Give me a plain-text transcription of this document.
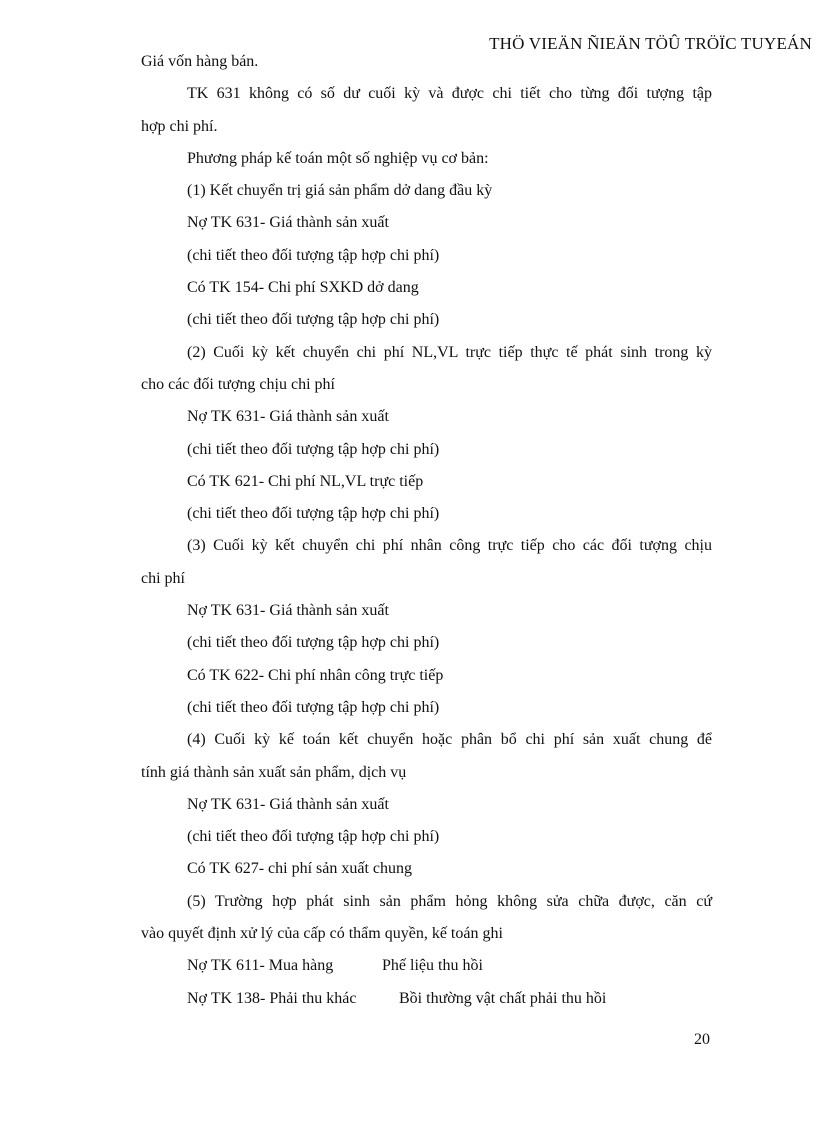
THÖ VIEÄN ÑIEÄN TÖÛ TRÖÏC TUYEÁN
Giá vốn hàng bán.
TK 631 không có số dư cuối kỳ và được chi tiết cho từng đối tượng tập
hợp chi phí.
Phương pháp kế toán một số nghiệp vụ cơ bản:
(1) Kết chuyển trị giá sản phẩm dở dang đầu kỳ
Nợ TK 631- Giá thành sản xuất
(chi tiết theo đối tượng tập hợp chi phí)
Có TK 154- Chi phí SXKD dở dang
(chi tiết theo đối tượng tập hợp chi phí)
(2) Cuối kỳ kết chuyển chi phí NL,VL trực tiếp thực tế phát sinh trong kỳ
cho các đối tượng chịu chi phí
Nợ TK 631- Giá thành sản xuất
(chi tiết theo đối tượng tập hợp chi phí)
Có TK 621- Chi phí NL,VL trực tiếp
(chi tiết theo đối tượng tập hợp chi phí)
(3) Cuối kỳ kết chuyển chi phí nhân công trực tiếp cho các đối tượng chịu
chi phí
Nợ TK 631- Giá thành sản xuất
(chi tiết theo đối tượng tập hợp chi phí)
Có TK 622- Chi phí nhân công trực tiếp
(chi tiết theo đối tượng tập hợp chi phí)
(4) Cuối kỳ kế toán kết chuyển hoặc phân bổ chi phí sản xuất chung để
tính giá thành sản xuất sản phẩm, dịch vụ
Nợ TK 631- Giá thành sản xuất
(chi tiết theo đối tượng tập hợp chi phí)
Có TK 627- chi phí sản xuất chung
(5) Trường hợp phát sinh sản phẩm hỏng không sửa chữa được, căn cứ
vào quyết định xử lý của cấp có thẩm quyền, kế toán ghi
Nợ TK 611- Mua hàng	Phế liệu thu hồi
Nợ TK 138- Phải thu khác	Bồi thường vật chất phải thu hồi
20
